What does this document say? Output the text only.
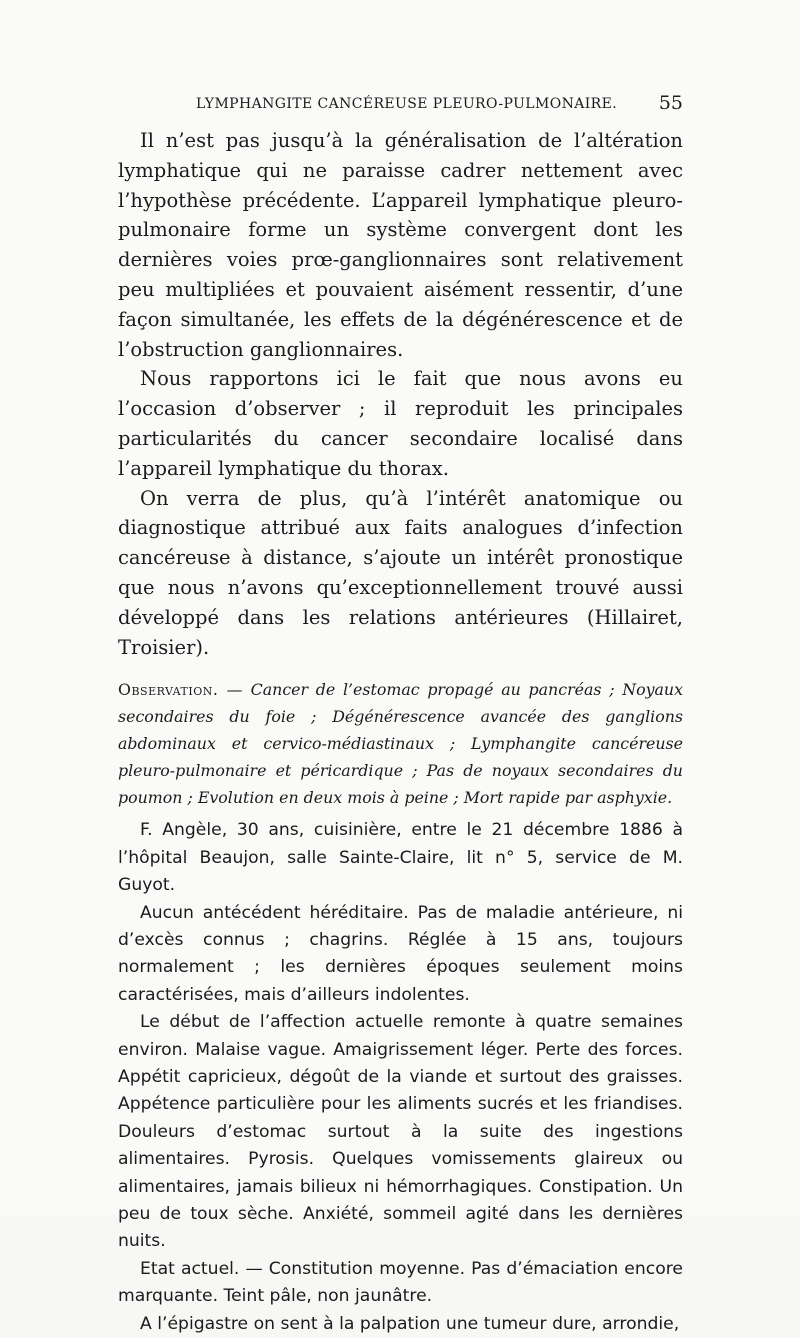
LYMPHANGITE CANCÉREUSE PLEURO-PULMONAIRE. 55

Il n’est pas jusqu’à la généralisation de l’altération lymphatique qui ne paraisse cadrer nettement avec l’hypothèse précédente. L’appareil lymphatique pleuro-pulmonaire forme un système convergent dont les dernières voies prœ-ganglionnaires sont relativement peu multipliées et pouvaient aisément ressentir, d’une façon simultanée, les effets de la dégénérescence et de l’obstruction ganglionnaires.

Nous rapportons ici le fait que nous avons eu l’occasion d’observer ; il reproduit les principales particularités du cancer secondaire localisé dans l’appareil lymphatique du thorax.

On verra de plus, qu’à l’intérêt anatomique ou diagnostique attribué aux faits analogues d’infection cancéreuse à distance, s’ajoute un intérêt pronostique que nous n’avons qu’exceptionnellement trouvé aussi développé dans les relations antérieures (Hillairet, Troisier).

Observation. — Cancer de l’estomac propagé au pancréas ; Noyaux secondaires du foie ; Dégénérescence avancée des ganglions abdominaux et cervico-médiastinaux ; Lymphangite cancéreuse pleuro-pulmonaire et péricardique ; Pas de noyaux secondaires du poumon ; Evolution en deux mois à peine ; Mort rapide par asphyxie.

F. Angèle, 30 ans, cuisinière, entre le 21 décembre 1886 à l’hôpital Beaujon, salle Sainte-Claire, lit n° 5, service de M. Guyot.

Aucun antécédent héréditaire. Pas de maladie antérieure, ni d’excès connus ; chagrins. Réglée à 15 ans, toujours normalement ; les dernières époques seulement moins caractérisées, mais d’ailleurs indolentes.

Le début de l’affection actuelle remonte à quatre semaines environ. Malaise vague. Amaigrissement léger. Perte des forces. Appétit capricieux, dégoût de la viande et surtout des graisses. Appétence particulière pour les aliments sucrés et les friandises. Douleurs d’estomac surtout à la suite des ingestions alimentaires. Pyrosis. Quelques vomissements glaireux ou alimentaires, jamais bilieux ni hémorrhagiques. Constipation. Un peu de toux sèche. Anxiété, sommeil agité dans les dernières nuits.

Etat actuel. — Constitution moyenne. Pas d’émaciation encore marquante. Teint pâle, non jaunâtre.

A l’épigastre on sent à la palpation une tumeur dure, arrondie,
